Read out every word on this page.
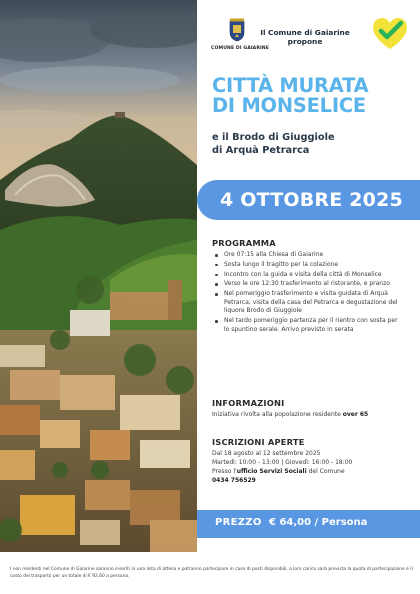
COMUNE DI GAIARINE
Il Comune di Gaiarine
propone
CITTÀ MURATA
DI MONSELICE
e il Brodo di Giuggiole
di Arquà Petrarca
4 OTTOBRE 2025
PROGRAMMA
Ore 07:15 alla Chiesa di Gaiarine
Sosta lungo il tragitto per la colazione
Incontro con la guida e visita della città di Monselice
Verso le ore 12:30 trasferimento al ristorante, e pranzo
Nel pomeriggio trasferimento e visita guidata di Arquà Petrarca, visita della casa del Petrarca e degustazione del liquore Brodo di Giuggiole
Nel tardo pomeriggio partenza per il rientro con sosta per lo spuntino serale. Arrivo previsto in serata
INFORMAZIONI
Iniziativa rivolta alla popolazione residente over 65
ISCRIZIONI APERTE
Dal 18 agosto al 12 settembre 2025
Martedì: 10:00 - 13:00 | Giovedì: 16:00 - 18:00
Presso l'ufficio Servizi Sociali del Comune
0434 756529
PREZZO € 64,00 / Persona
I non residenti nel Comune di Gaiarine saranno inseriti in una lista di attesa e potranno partecipare in caso di posti disponibili, a loro carico sarà prevista la quota di partecipazione e il costo del trasporto per un totale di € 92,60 a persona.
